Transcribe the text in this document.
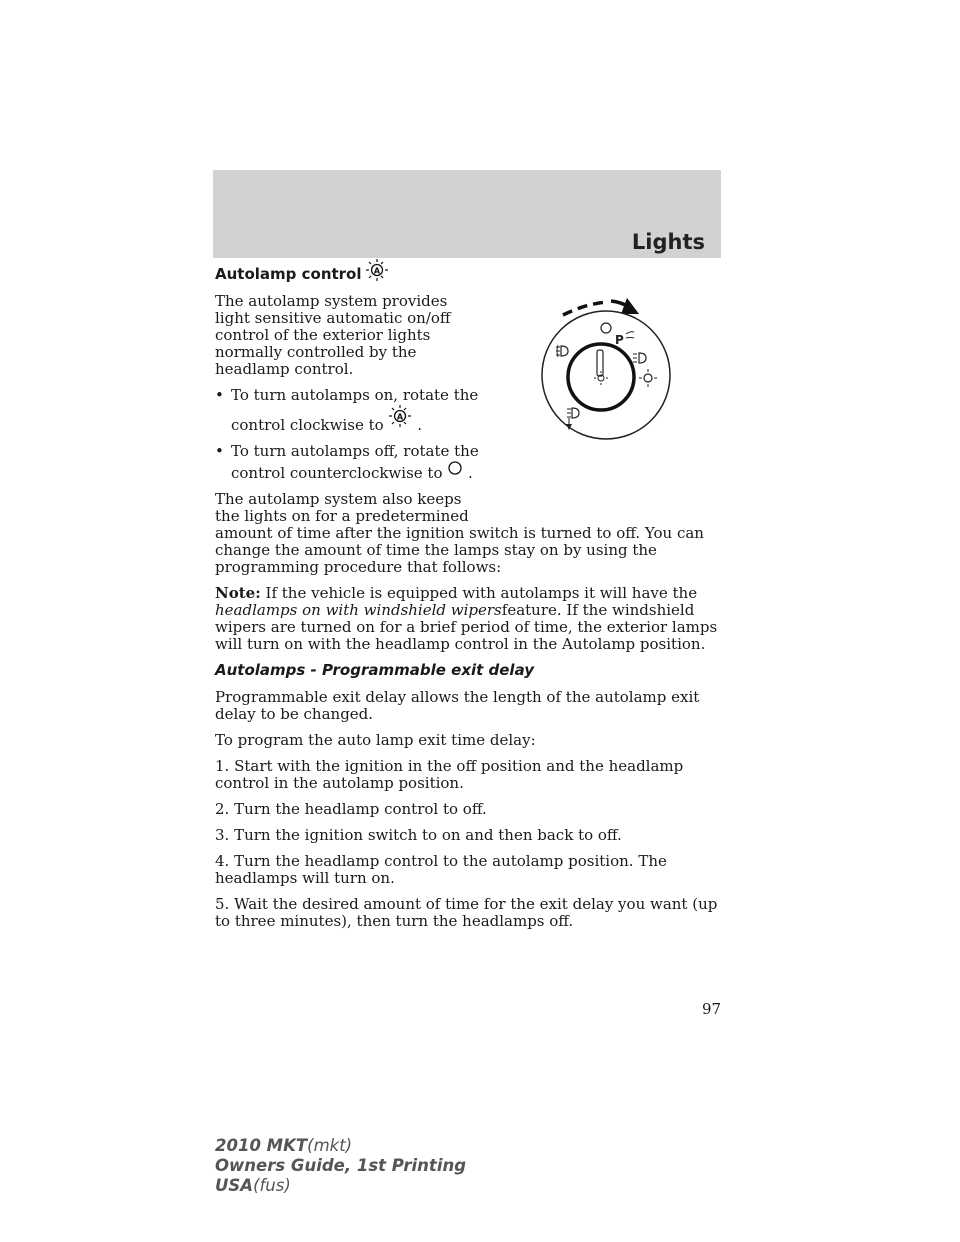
Lights
P
Autolamp control A

The autolamp system provides light sensitive automatic on/off control of the exterior lights normally controlled by the headlamp control.

• To turn autolamps on, rotate the control clockwise to A .
• To turn autolamps off, rotate the control counterclockwise to .

The autolamp system also keeps the lights on for a predetermined

amount of time after the ignition switch is turned to off. You can change the amount of time the lamps stay on by using the programming procedure that follows:

Note: If the vehicle is equipped with autolamps it will have the headlamps on with windshield wipersfeature. If the windshield wipers are turned on for a brief period of time, the exterior lamps will turn on with the headlamp control in the Autolamp position.

Autolamps - Programmable exit delay

Programmable exit delay allows the length of the autolamp exit delay to be changed.

To program the auto lamp exit time delay:

1. Start with the ignition in the off position and the headlamp control in the autolamp position.

2. Turn the headlamp control to off.

3. Turn the ignition switch to on and then back to off.

4. Turn the headlamp control to the autolamp position. The headlamps will turn on.

5. Wait the desired amount of time for the exit delay you want (up to three minutes), then turn the headlamps off.

97
2010 MKT(mkt)
Owners Guide, 1st Printing
USA(fus)
